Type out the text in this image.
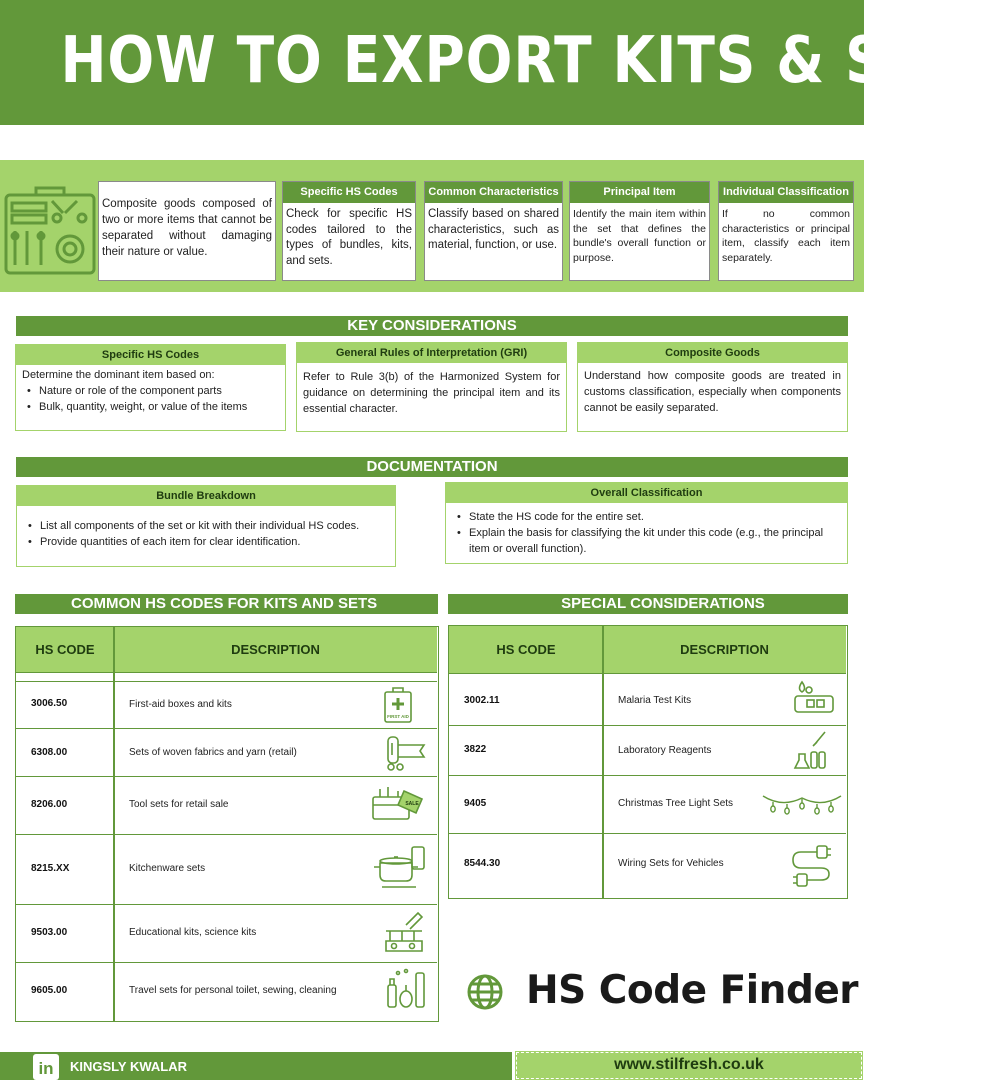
HOW TO EXPORT KITS & SETS
Composite goods composed of two or more items that cannot be separated without damaging their nature or value.
Specific HS Codes
Check for specific HS codes tailored to the types of bundles, kits, and sets.
Common Characteristics
Classify based on shared characteristics, such as material, function, or use.
Principal Item
Identify the main item within the set that defines the bundle's overall function or purpose.
Individual Classification
If no common characteristics or principal item, classify each item separately.
KEY CONSIDERATIONS
Specific HS Codes
Determine the dominant item based on:
• Nature or role of the component parts
• Bulk, quantity, weight, or value of the items
General Rules of Interpretation (GRI)
Refer to Rule 3(b) of the Harmonized System for guidance on determining the principal item and its essential character.
Composite Goods
Understand how composite goods are treated in customs classification, especially when components cannot be easily separated.
DOCUMENTATION
Bundle Breakdown
• List all components of the set or kit with their individual HS codes.
• Provide quantities of each item for clear identification.
Overall Classification
• State the HS code for the entire set.
• Explain the basis for classifying the kit under this code (e.g., the principal item or overall function).
COMMON HS CODES FOR KITS AND SETS	SPECIAL CONSIDERATIONS
HS CODE	DESCRIPTION
3006.50	First-aid boxes and kits
FIRST AID
6308.00	Sets of woven fabrics and yarn (retail)
8206.00	Tool sets for retail sale	SALE
8215.XX	Kitchenware sets
9503.00	Educational kits, science kits
9605.00	Travel sets for personal toilet, sewing, cleaning
HS CODE	DESCRIPTION
3002.11	Malaria Test Kits
3822	Laboratory Reagents
9405	Christmas Tree Light Sets
8544.30	Wiring Sets for Vehicles
HS Code Finder
in KINGSLY KWALAR	www.stilfresh.co.uk
